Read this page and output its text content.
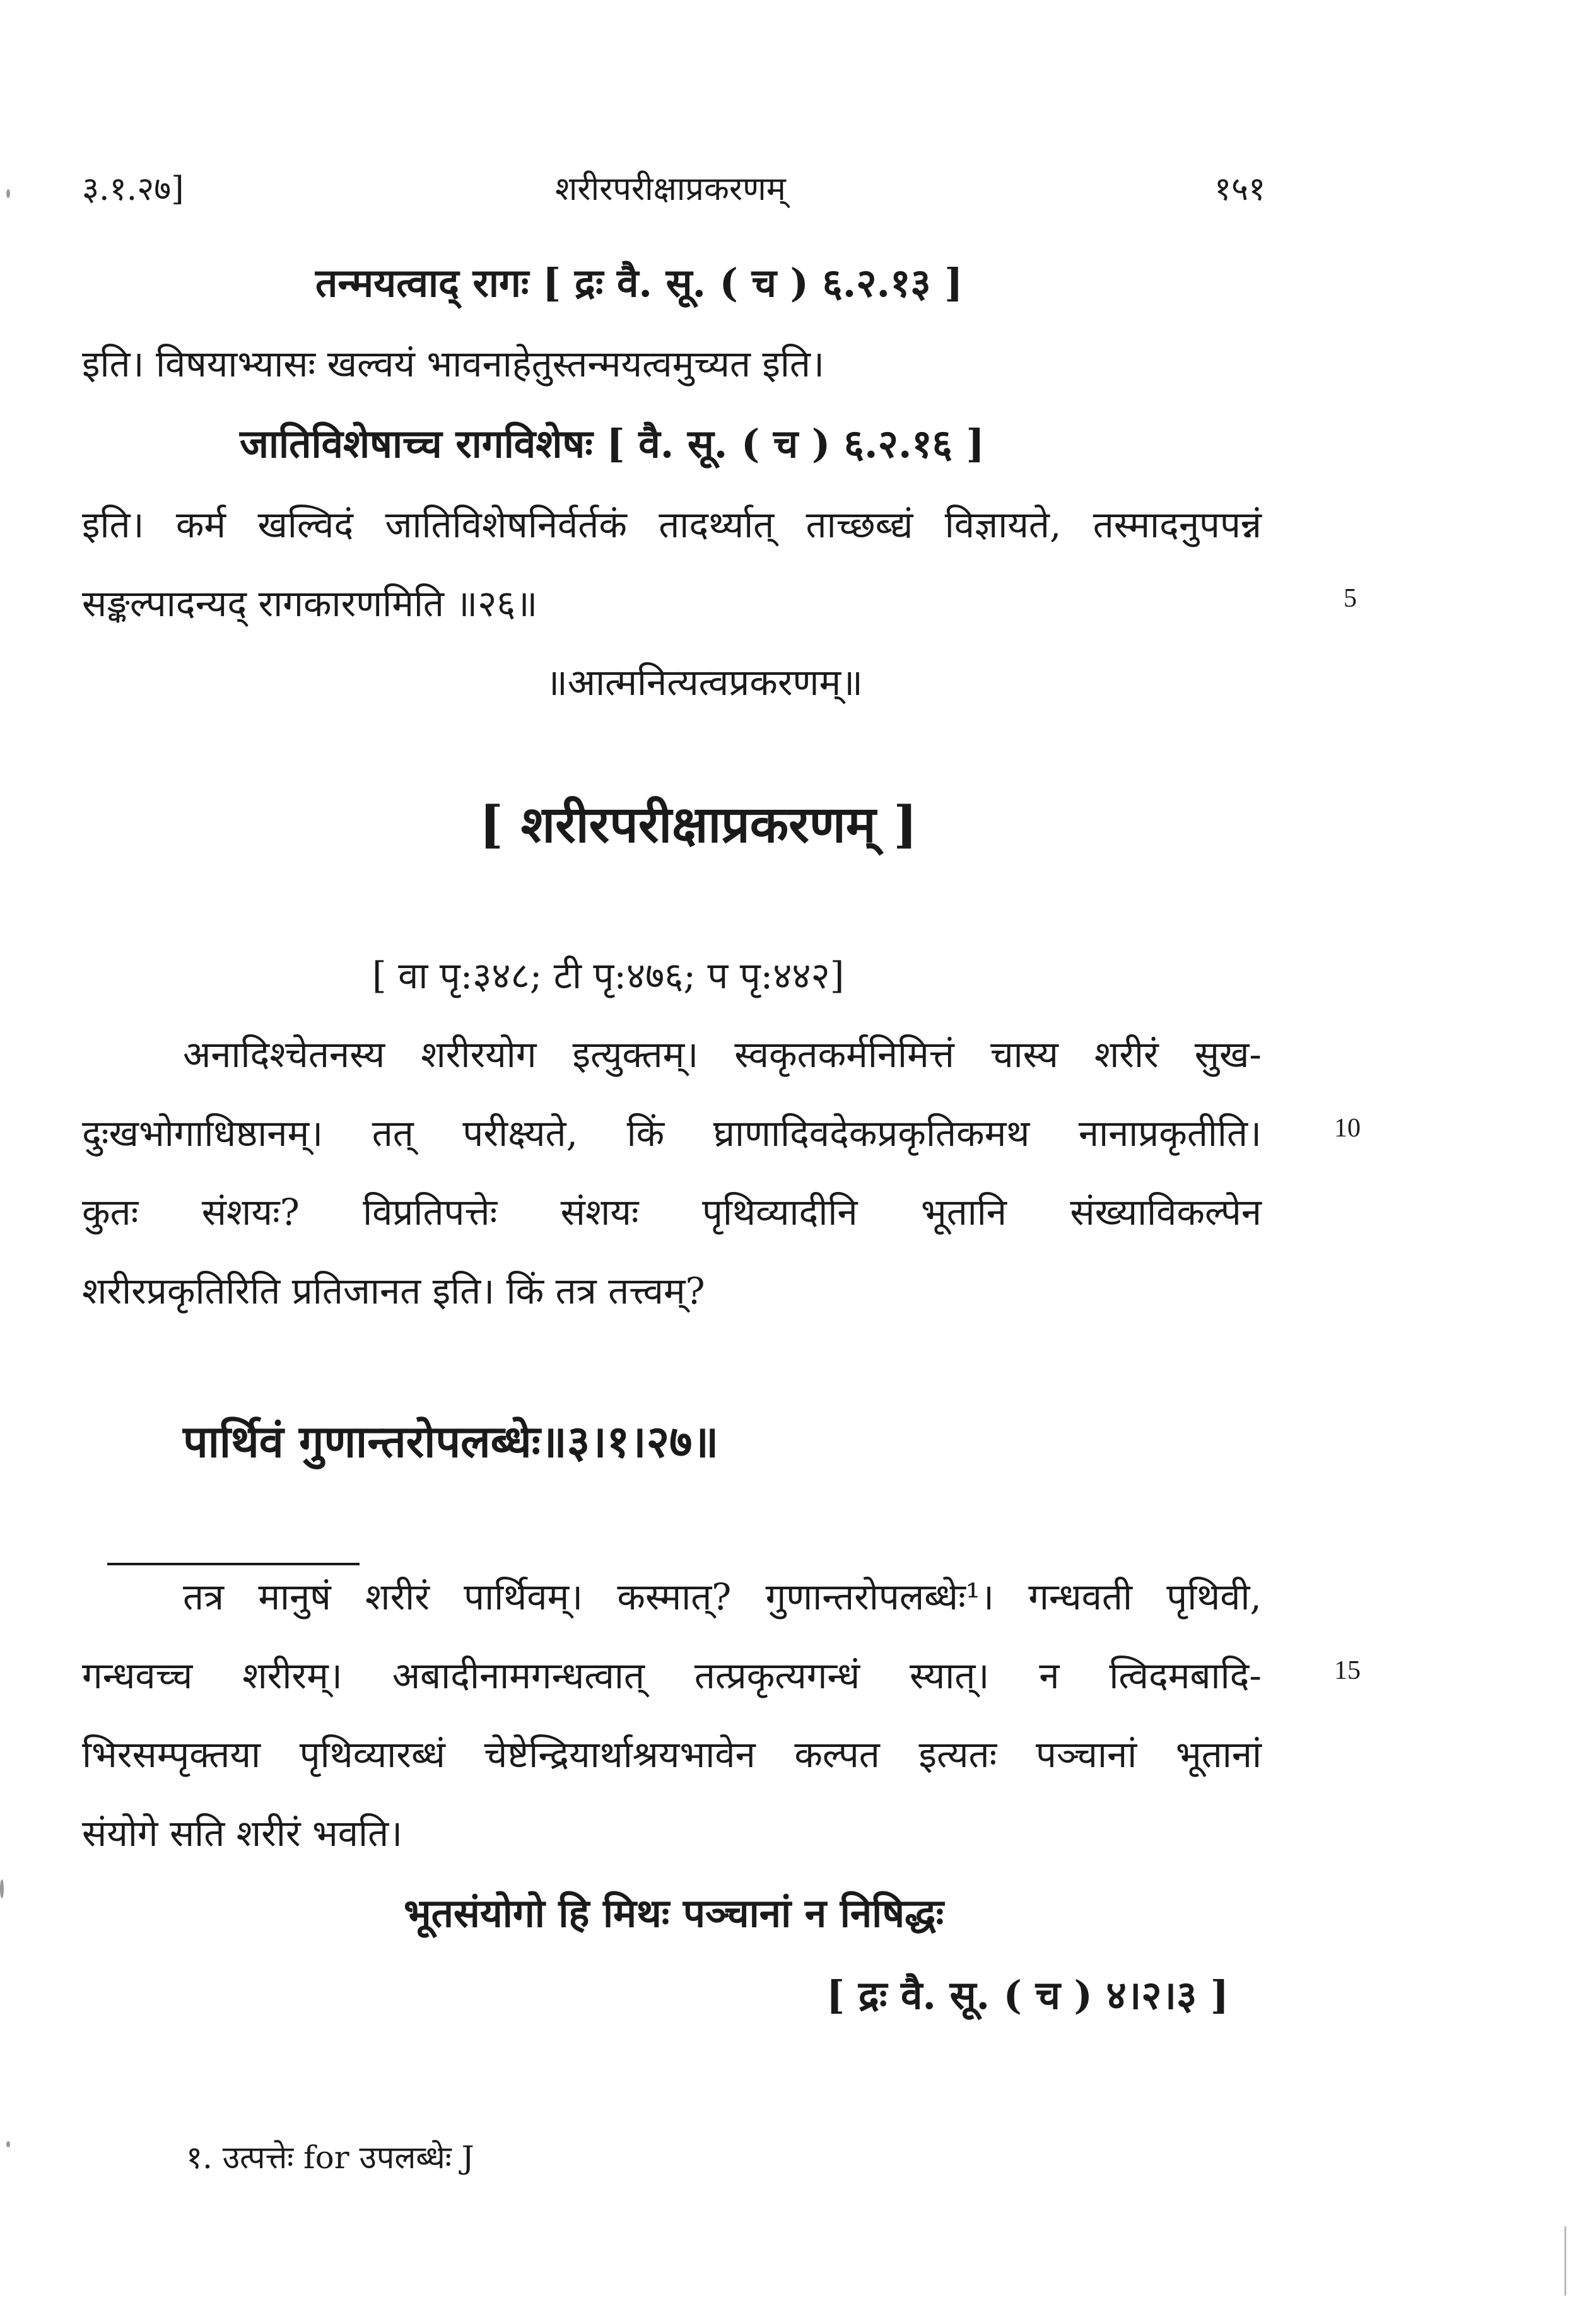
३.१.२७]	शरीरपरीक्षाप्रकरणम्	१५१
तन्मयत्वाद् रागः [ द्रः वै. सू. ( च ) ६.२.१३ ]
इति। विषयाभ्यासः खल्वयं भावनाहेतुस्तन्मयत्वमुच्यत इति।
जातिविशेषाच्च रागविशेषः [ वै. सू. ( च ) ६.२.१६ ]
इति। कर्म खल्विदं जातिविशेषनिर्वर्तकं तादर्थ्यात् ताच्छब्द्यं विज्ञायते, तस्मादनुपपन्नं
सङ्कल्पादन्यद् रागकारणमिति ॥२६॥	5
॥आत्मनित्यत्वप्रकरणम्॥
[ शरीरपरीक्षाप्रकरणम् ]
[ वा पृ:३४८; टी पृ:४७६; प पृ:४४२]
अनादिश्चेतनस्य शरीरयोग इत्युक्तम्। स्वकृतकर्मनिमित्तं चास्य शरीरं सुख-
दुःखभोगाधिष्ठानम्। तत् परीक्ष्यते, किं घ्राणादिवदेकप्रकृतिकमथ नानाप्रकृतीति।	10
कुतः संशयः? विप्रतिपत्तेः संशयः पृथिव्यादीनि भूतानि संख्याविकल्पेन
शरीरप्रकृतिरिति प्रतिजानत इति। किं तत्र तत्त्वम्?
पार्थिवं गुणान्तरोपलब्धेः॥३।१।२७॥
तत्र मानुषं शरीरं पार्थिवम्। कस्मात्? गुणान्तरोपलब्धेः¹। गन्धवती पृथिवी,
गन्धवच्च शरीरम्। अबादीनामगन्धत्वात् तत्प्रकृत्यगन्धं स्यात्। न त्विदमबादि-	15
भिरसम्पृक्तया पृथिव्यारब्धं चेष्टेन्द्रियार्थाश्रयभावेन कल्पत इत्यतः पञ्चानां भूतानां
संयोगे सति शरीरं भवति।
भूतसंयोगो हि मिथः पञ्चानां न निषिद्धः
[ द्रः वै. सू. ( च ) ४।२।३ ]
१. उत्पत्तेः for उपलब्धेः J
